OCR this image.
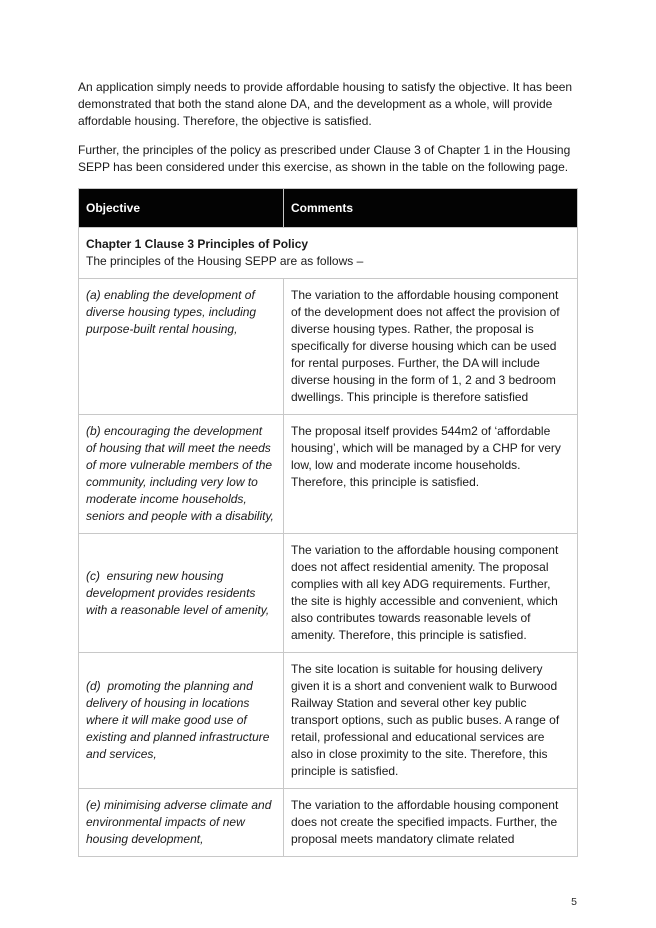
An application simply needs to provide affordable housing to satisfy the objective. It has been demonstrated that both the stand alone DA, and the development as a whole, will provide affordable housing. Therefore, the objective is satisfied.

Further, the principles of the policy as prescribed under Clause 3 of Chapter 1 in the Housing SEPP has been considered under this exercise, as shown in the table on the following page.

Objective	Comments

Chapter 1 Clause 3 Principles of Policy
The principles of the Housing SEPP are as follows –	

(a) enabling the development of diverse housing types, including purpose-built rental housing,	The variation to the affordable housing component of the development does not affect the provision of diverse housing types. Rather, the proposal is specifically for diverse housing which can be used for rental purposes. Further, the DA will include diverse housing in the form of 1, 2 and 3 bedroom dwellings. This principle is therefore satisfied
(b) encouraging the development of housing that will meet the needs of more vulnerable members of the community, including very low to moderate income households, seniors and people with a disability,	The proposal itself provides 544m2 of ‘affordable housing’, which will be managed by a CHP for very low, low and moderate income households. Therefore, this principle is satisfied.
(c)  ensuring new housing development provides residents with a reasonable level of amenity,	The variation to the affordable housing component does not affect residential amenity. The proposal complies with all key ADG requirements. Further, the site is highly accessible and convenient, which also contributes towards reasonable levels of amenity. Therefore, this principle is satisfied.
(d)  promoting the planning and delivery of housing in locations where it will make good use of existing and planned infrastructure and services,	The site location is suitable for housing delivery given it is a short and convenient walk to Burwood Railway Station and several other key public transport options, such as public buses. A range of retail, professional and educational services are also in close proximity to the site. Therefore, this principle is satisfied.
(e) minimising adverse climate and environmental impacts of new housing development,	The variation to the affordable housing component does not create the specified impacts. Further, the proposal meets mandatory climate related
5
